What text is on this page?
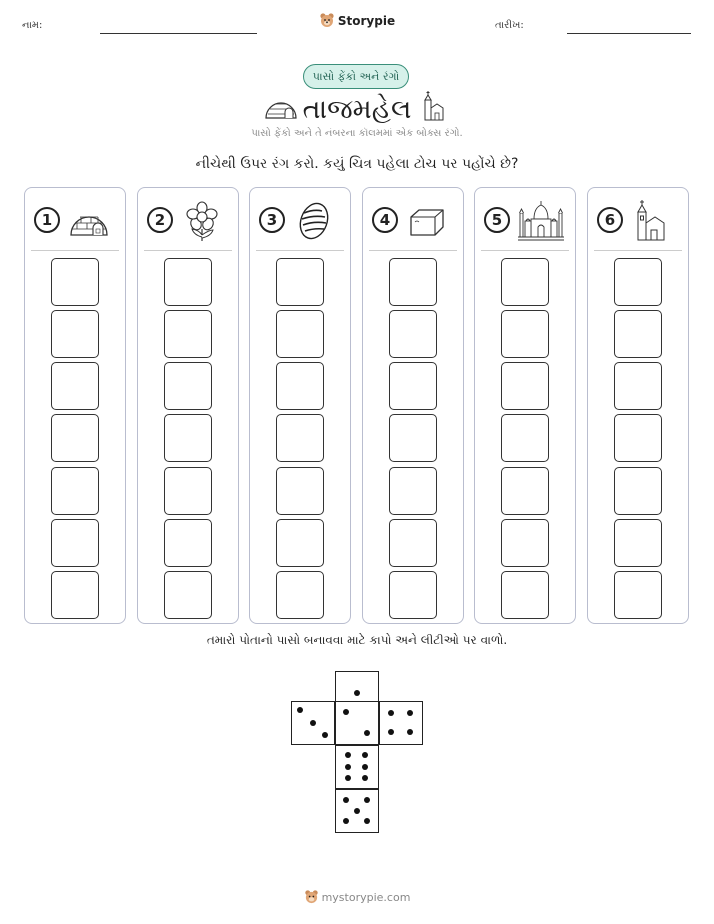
નામ:	Storypie	તારીખ:
પાસો ફેંકો અને રંગો
તાજમહેલ
પાસો ફેંકો અને તે નંબરના કૉલમમાં એક બોક્સ રંગો.
નીચેથી ઉપર રંગ કરો. કયું ચિત્ર પહેલા ટોચ પર પહોંચે છે?
1	2	3	4	5	6
તમારો પોતાનો પાસો બનાવવા માટે કાપો અને લીટીઓ પર વાળો.
mystorypie.com
